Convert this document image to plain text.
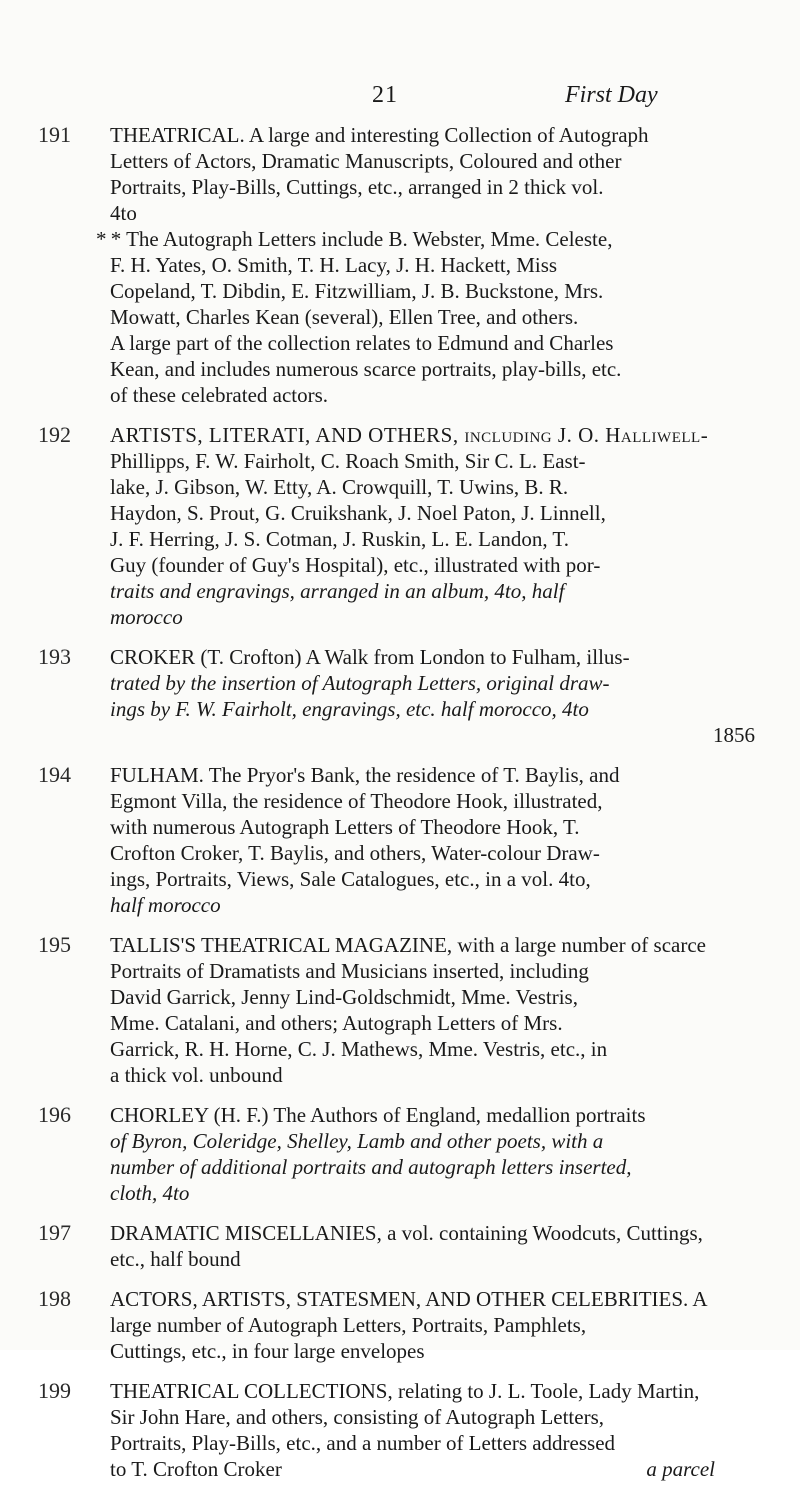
21	First Day
191 THEATRICAL. A large and interesting Collection of Autograph
Letters of Actors, Dramatic Manuscripts, Coloured and other
Portraits, Play-Bills, Cuttings, etc., arranged in 2 thick vol.
4to
* * The Autograph Letters include B. Webster, Mme. Celeste,
F. H. Yates, O. Smith, T. H. Lacy, J. H. Hackett, Miss
Copeland, T. Dibdin, E. Fitzwilliam, J. B. Buckstone, Mrs.
Mowatt, Charles Kean (several), Ellen Tree, and others.
A large part of the collection relates to Edmund and Charles
Kean, and includes numerous scarce portraits, play-bills, etc.
of these celebrated actors.
192 ARTISTS, LITERATI, AND OTHERS, including J. O. Halliwell-
Phillipps, F. W. Fairholt, C. Roach Smith, Sir C. L. East-
lake, J. Gibson, W. Etty, A. Crowquill, T. Uwins, B. R.
Haydon, S. Prout, G. Cruikshank, J. Noel Paton, J. Linnell,
J. F. Herring, J. S. Cotman, J. Ruskin, L. E. Landon, T.
Guy (founder of Guy's Hospital), etc., illustrated with por-
traits and engravings, arranged in an album, 4to, half
morocco
193 CROKER (T. Crofton) A Walk from London to Fulham, illus-
trated by the insertion of Autograph Letters, original draw-
ings by F. W. Fairholt, engravings, etc. half morocco, 4to
1856
194 FULHAM. The Pryor's Bank, the residence of T. Baylis, and
Egmont Villa, the residence of Theodore Hook, illustrated,
with numerous Autograph Letters of Theodore Hook, T.
Crofton Croker, T. Baylis, and others, Water-colour Draw-
ings, Portraits, Views, Sale Catalogues, etc., in a vol. 4to,
half morocco
195 TALLIS'S THEATRICAL MAGAZINE, with a large number of scarce
Portraits of Dramatists and Musicians inserted, including
David Garrick, Jenny Lind-Goldschmidt, Mme. Vestris,
Mme. Catalani, and others; Autograph Letters of Mrs.
Garrick, R. H. Horne, C. J. Mathews, Mme. Vestris, etc., in
a thick vol. unbound
196 CHORLEY (H. F.) The Authors of England, medallion portraits
of Byron, Coleridge, Shelley, Lamb and other poets, with a
number of additional portraits and autograph letters inserted,
cloth, 4to
197 DRAMATIC MISCELLANIES, a vol. containing Woodcuts, Cuttings,
etc., half bound
198 ACTORS, ARTISTS, STATESMEN, AND OTHER CELEBRITIES. A
large number of Autograph Letters, Portraits, Pamphlets,
Cuttings, etc., in four large envelopes
199 THEATRICAL COLLECTIONS, relating to J. L. Toole, Lady Martin,
Sir John Hare, and others, consisting of Autograph Letters,
Portraits, Play-Bills, etc., and a number of Letters addressed
to T. Crofton Croker	a parcel
